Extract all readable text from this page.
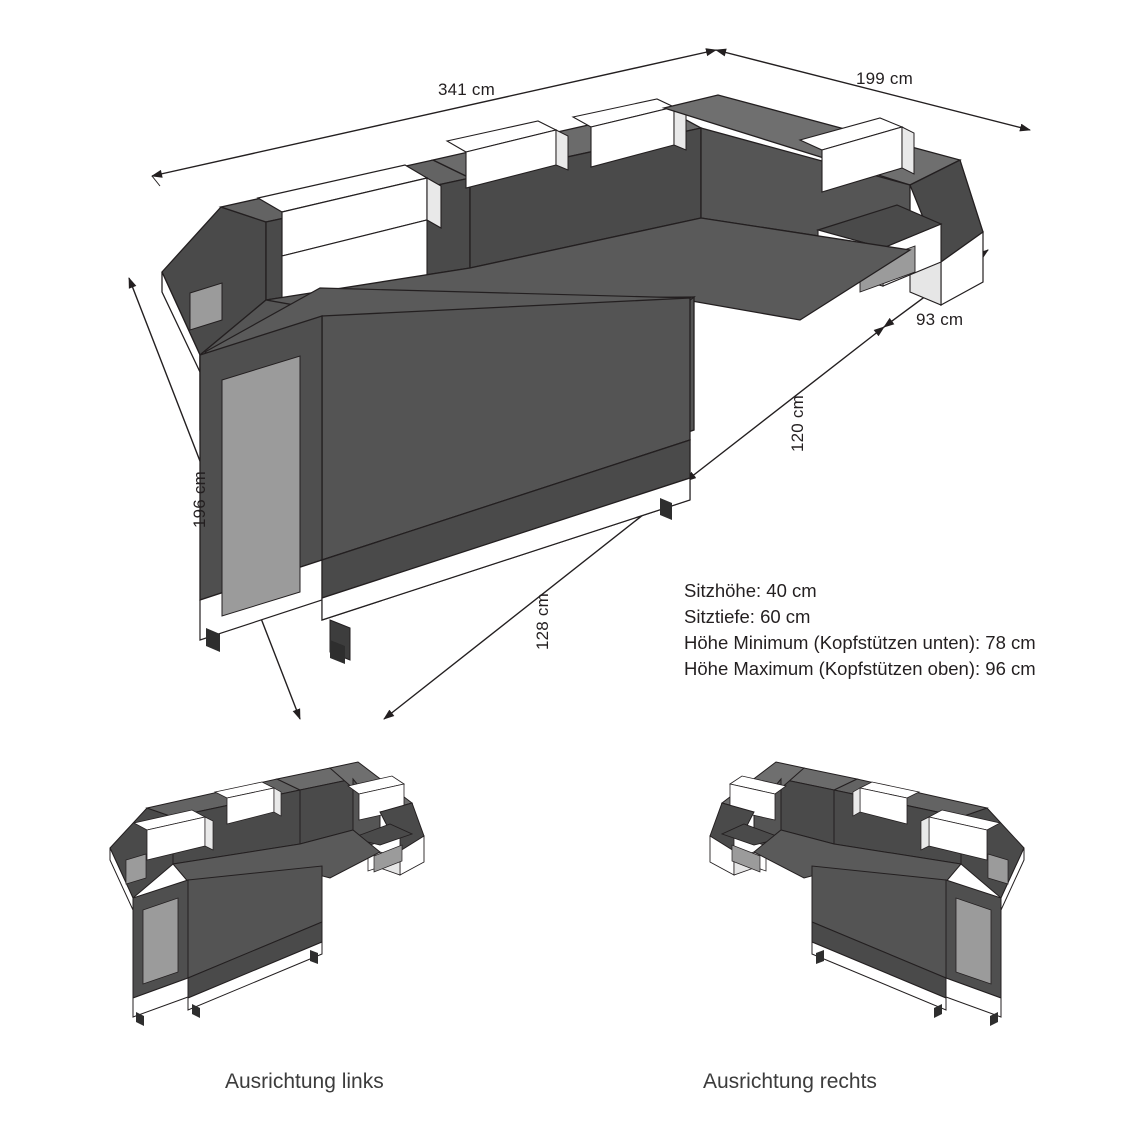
341 cm
199 cm
93 cm
120 cm
196 cm
128 cm
Sitzhöhe: 40 cm
Sitztiefe: 60 cm
Höhe Minimum (Kopfstützen unten): 78 cm
Höhe Maximum (Kopfstützen oben): 96 cm
Ausrichtung links	Ausrichtung rechts
